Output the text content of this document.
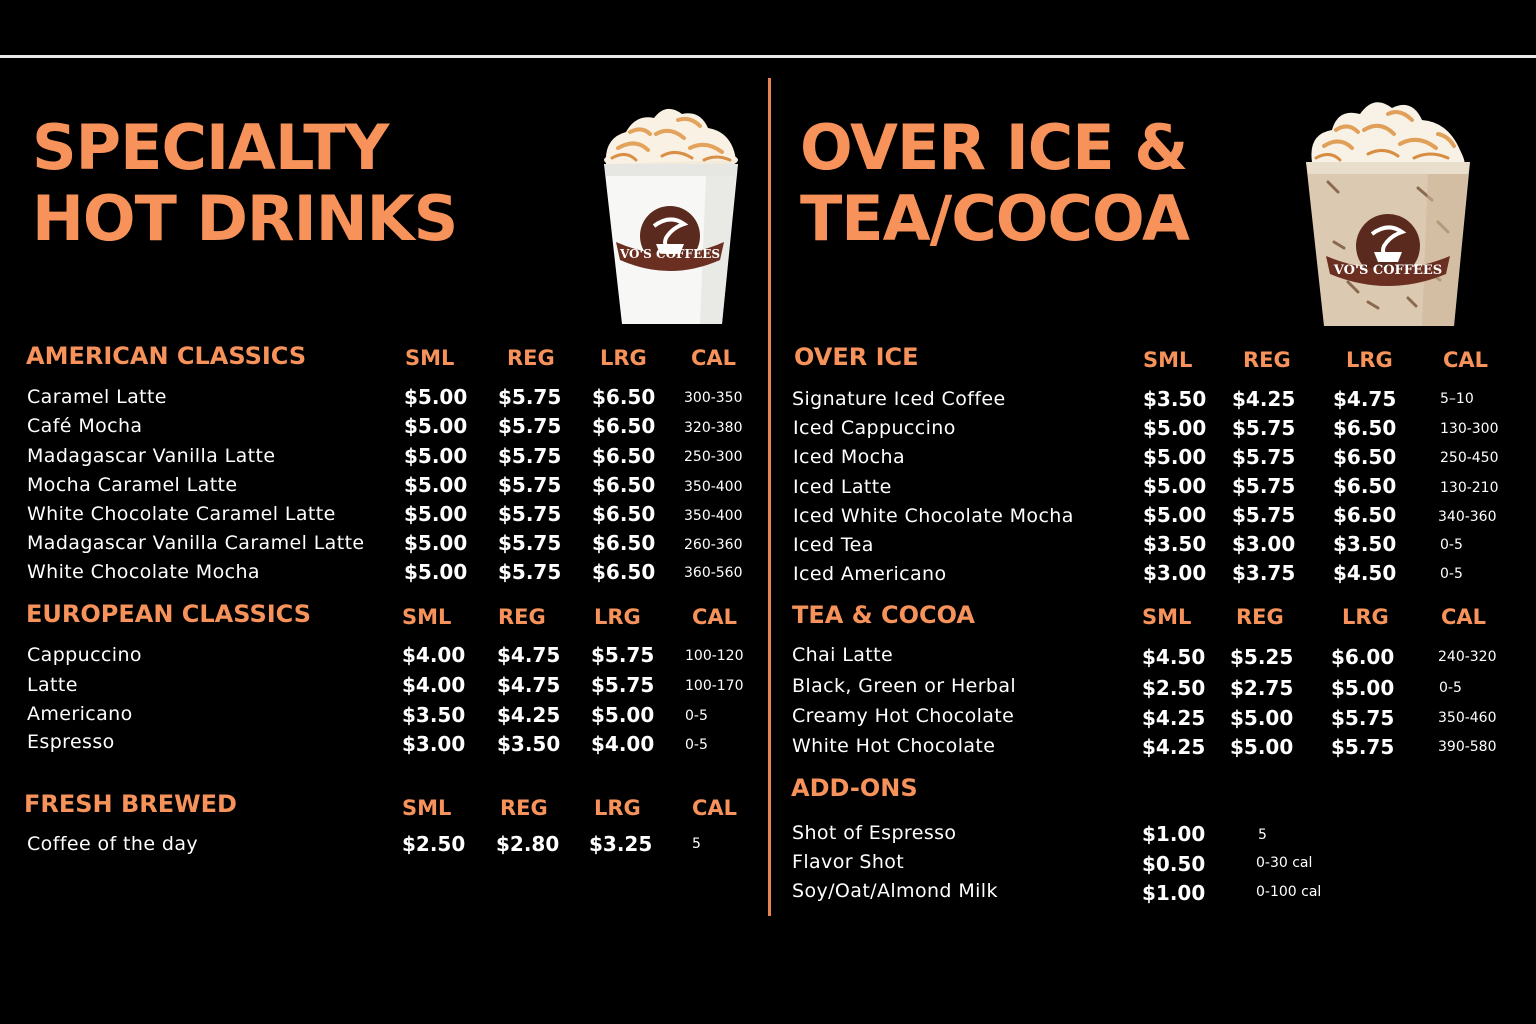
SPECIALTY
HOT DRINKS
OVER ICE &
TEA/COCOA
VO'S COFFEES
VO'S COFFEES
AMERICAN CLASSICS	SML	REG LRG CAL
Caramel Latte	$5.00 $5.75 $6.50 300-350
Café Mocha	$5.00 $5.75 $6.50 320-380
Madagascar Vanilla Latte	$5.00 $5.75 $6.50 250-300
Mocha Caramel Latte	$5.00 $5.75 $6.50 350-400
White Chocolate Caramel Latte	$5.00 $5.75 $6.50 350-400
Madagascar Vanilla Caramel Latte $5.00 $5.75 $6.50 260-360
White Chocolate Mocha	$5.00 $5.75 $6.50 360-560
EUROPEAN CLASSICS	SML REG LRG CAL
Cappuccino	$4.00 $4.75 $5.75 100-120
Latte	$4.00 $4.75 $5.75 100-170
Americano	$3.50 $4.25 $5.00 0-5
Espresso	$3.00 $3.50 $4.00 0-5
FRESH BREWED	SML REG LRG CAL
Coffee of the day	$2.50 $2.80 $3.25	5
OVER ICE	SML REG	LRG CAL
Signature Iced Coffee	$3.50 $4.25 $4.75	5–10
Iced Cappuccino	$5.00 $5.75 $6.50	130-300
Iced Mocha	$5.00 $5.75 $6.50	250-450
Iced Latte	$5.00 $5.75 $6.50	130-210
Iced White Chocolate Mocha	$5.00 $5.75 $6.50	340-360
Iced Tea	$3.50 $3.00 $3.50	0-5
Iced Americano	$3.00 $3.75 $4.50	0-5
TEA & COCOA	SML REG	LRG CAL
Chai Latte	$4.50 $5.25 $6.00	240-320
Black, Green or Herbal	$2.50 $2.75 $5.00	0-5
Creamy Hot Chocolate	$4.25 $5.00 $5.75	350-460
White Hot Chocolate	$4.25 $5.00 $5.75	390-580
ADD-ONS
Shot of Espresso	$1.00	5
Flavor Shot	$0.50	0-30 cal
Soy/Oat/Almond Milk	$1.00	0-100 cal
